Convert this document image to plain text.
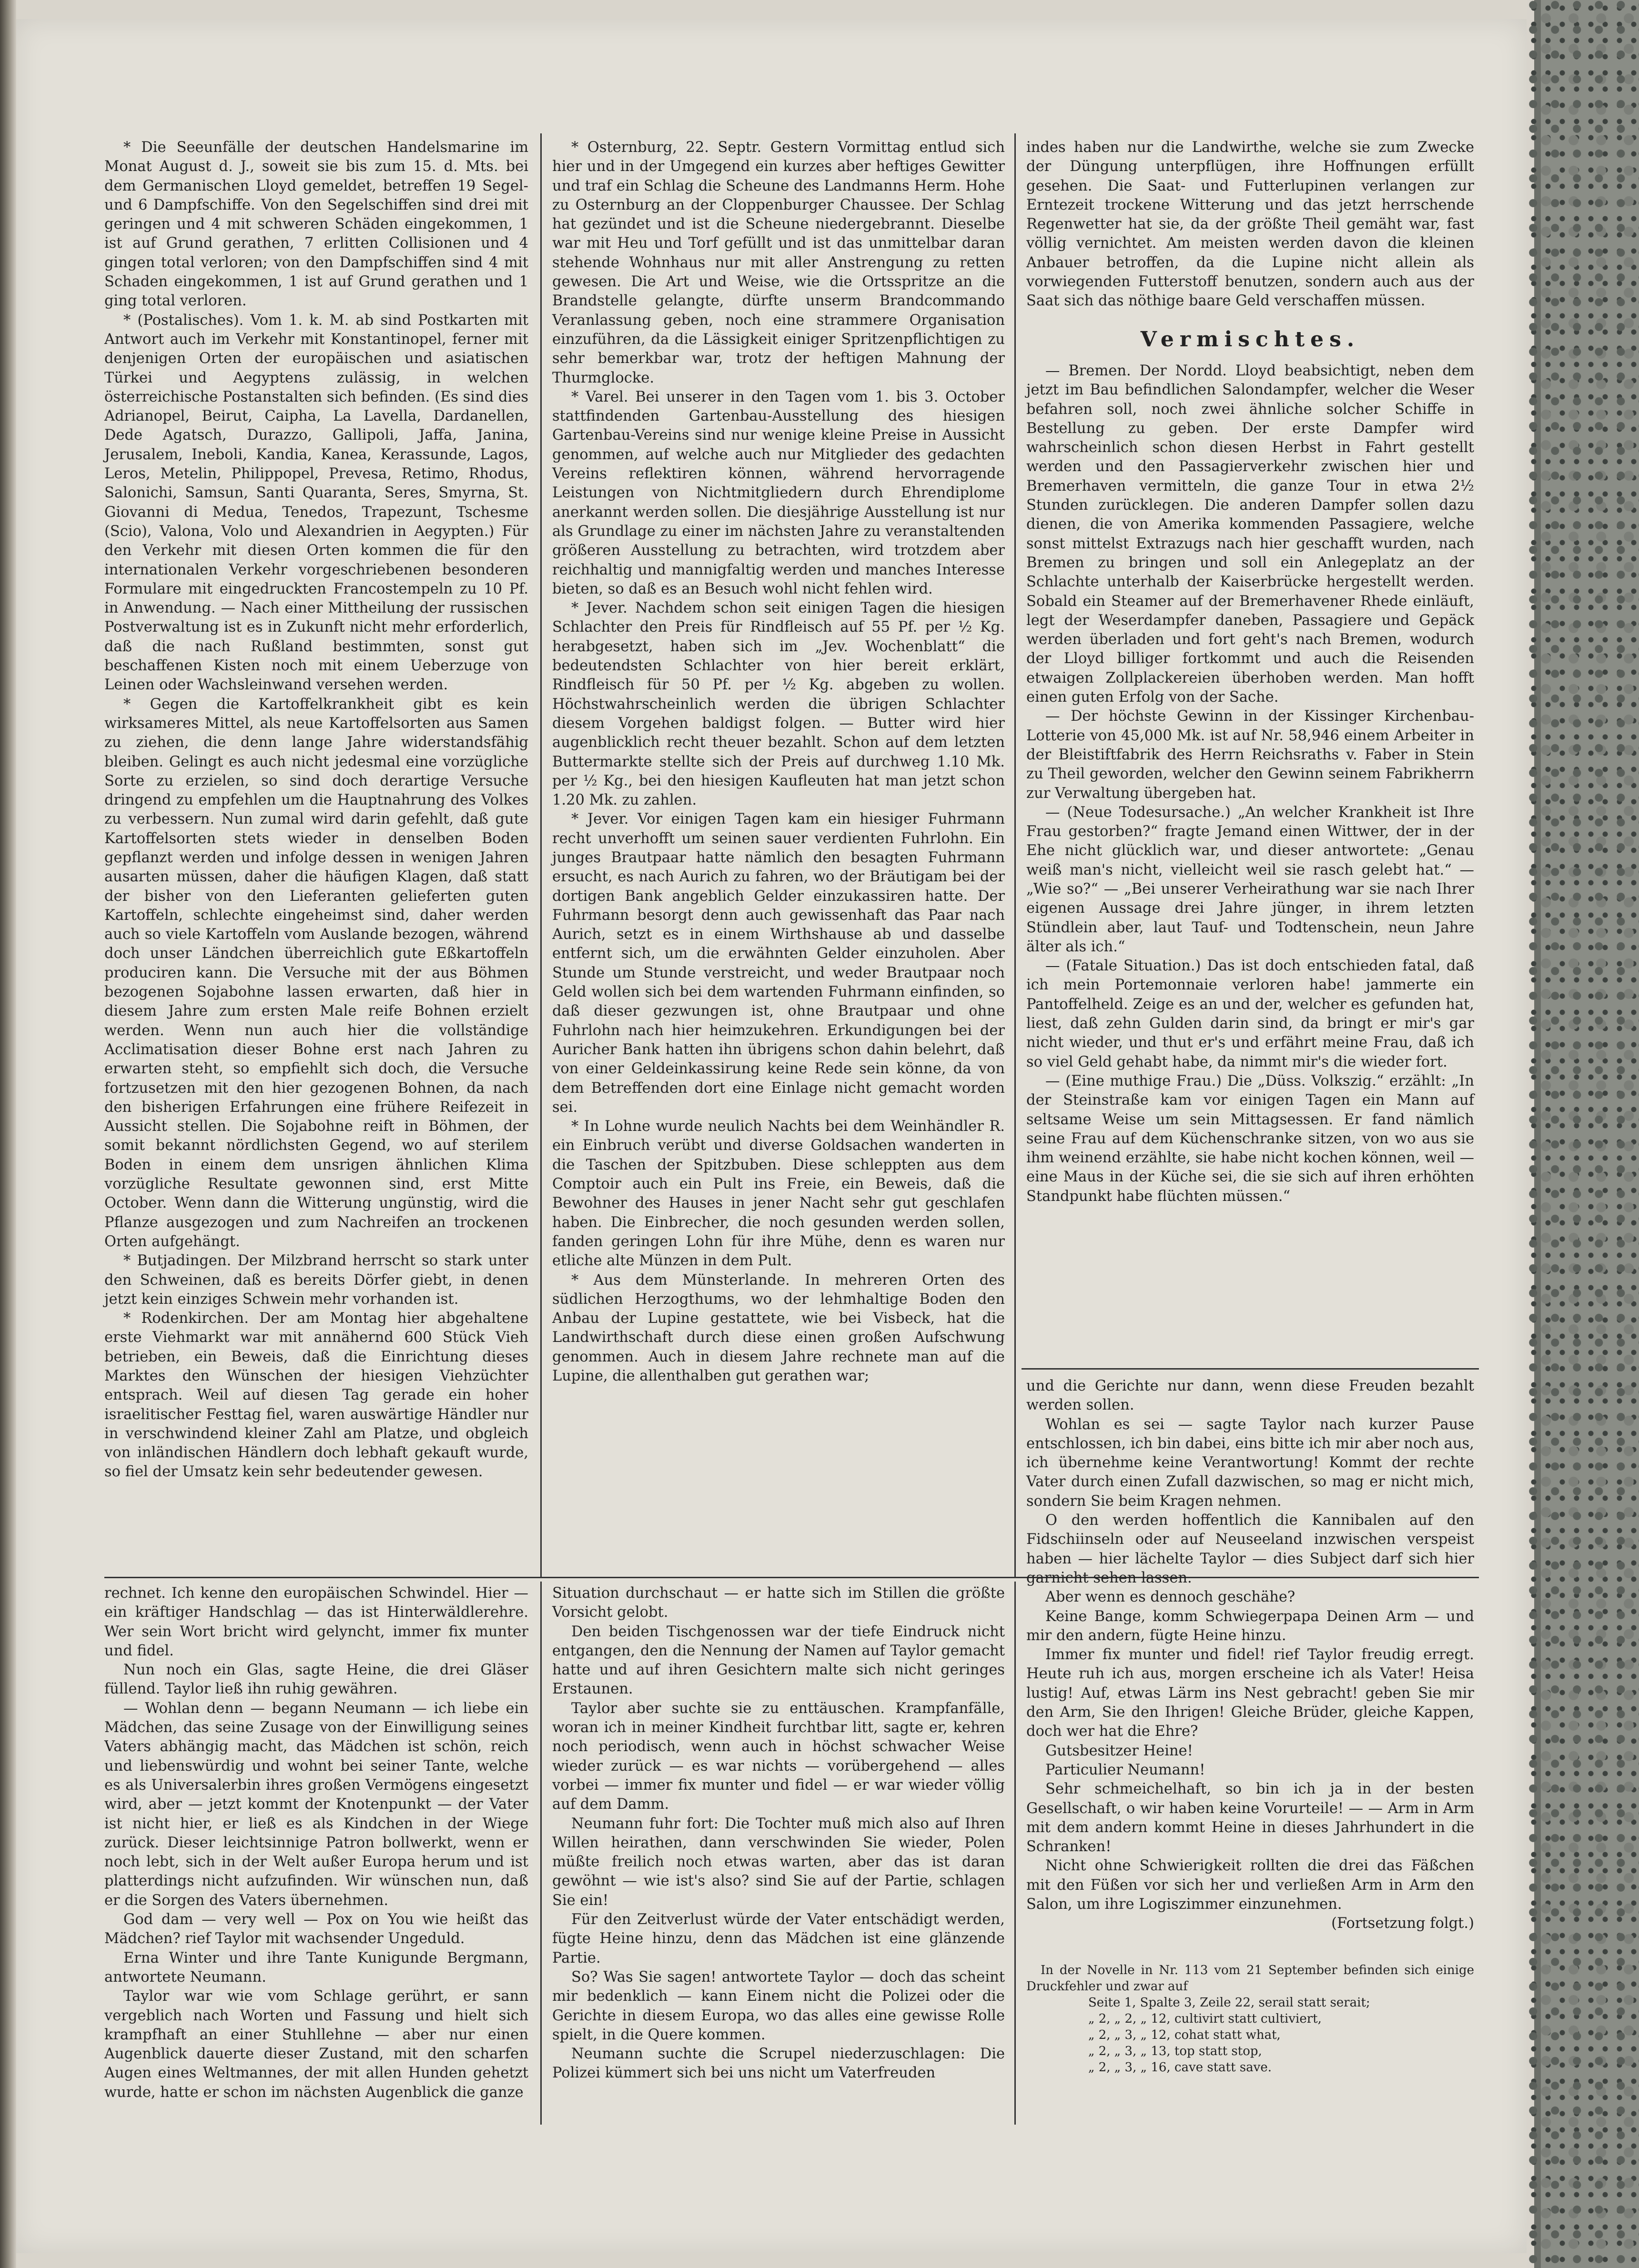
* Die Seeunfälle der deutschen Handelsmarine im Monat August d. J., soweit sie bis zum 15. d. Mts. bei dem Germanischen Lloyd gemeldet, betreffen 19 Segel- und 6 Dampfschiffe. Von den Segelschiffen sind drei mit geringen und 4 mit schweren Schäden eingekommen, 1 ist auf Grund gerathen, 7 erlitten Collisionen und 4 gingen total verloren; von den Dampfschiffen sind 4 mit Schaden eingekommen, 1 ist auf Grund gerathen und 1 ging total verloren.

* (Postalisches). Vom 1. k. M. ab sind Postkarten mit Antwort auch im Verkehr mit Konstantinopel, ferner mit denjenigen Orten der europäischen und asiatischen Türkei und Aegyptens zulässig, in welchen österreichische Postanstalten sich befinden. (Es sind dies Adrianopel, Beirut, Caipha, La Lavella, Dardanellen, Dede Agatsch, Durazzo, Gallipoli, Jaffa, Janina, Jerusalem, Ineboli, Kandia, Kanea, Kerassunde, Lagos, Leros, Metelin, Philippopel, Prevesa, Retimo, Rhodus, Salonichi, Samsun, Santi Quaranta, Seres, Smyrna, St. Giovanni di Medua, Tenedos, Trapezunt, Tschesme (Scio), Valona, Volo und Alexandrien in Aegypten.) Für den Verkehr mit diesen Orten kommen die für den internationalen Verkehr vorgeschriebenen besonderen Formulare mit eingedruckten Francostempeln zu 10 Pf. in Anwendung. — Nach einer Mittheilung der russischen Postverwaltung ist es in Zukunft nicht mehr erforderlich, daß die nach Rußland bestimmten, sonst gut beschaffenen Kisten noch mit einem Ueberzuge von Leinen oder Wachsleinwand versehen werden.

* Gegen die Kartoffelkrankheit gibt es kein wirksameres Mittel, als neue Kartoffelsorten aus Samen zu ziehen, die denn lange Jahre widerstandsfähig bleiben. Gelingt es auch nicht jedesmal eine vorzügliche Sorte zu erzielen, so sind doch derartige Versuche dringend zu empfehlen um die Hauptnahrung des Volkes zu verbessern. Nun zumal wird darin gefehlt, daß gute Kartoffelsorten stets wieder in denselben Boden gepflanzt werden und infolge dessen in wenigen Jahren ausarten müssen, daher die häufigen Klagen, daß statt der bisher von den Lieferanten gelieferten guten Kartoffeln, schlechte eingeheimst sind, daher werden auch so viele Kartoffeln vom Auslande bezogen, während doch unser Ländchen überreichlich gute Eßkartoffeln produciren kann. Die Versuche mit der aus Böhmen bezogenen Sojabohne lassen erwarten, daß hier in diesem Jahre zum ersten Male reife Bohnen erzielt werden. Wenn nun auch hier die vollständige Acclimatisation dieser Bohne erst nach Jahren zu erwarten steht, so empfiehlt sich doch, die Versuche fortzusetzen mit den hier gezogenen Bohnen, da nach den bisherigen Erfahrungen eine frühere Reifezeit in Aussicht stellen. Die Sojabohne reift in Böhmen, der somit bekannt nördlichsten Gegend, wo auf sterilem Boden in einem dem unsrigen ähnlichen Klima vorzügliche Resultate gewonnen sind, erst Mitte October. Wenn dann die Witterung ungünstig, wird die Pflanze ausgezogen und zum Nachreifen an trockenen Orten aufgehängt.

* Butjadingen. Der Milzbrand herrscht so stark unter den Schweinen, daß es bereits Dörfer giebt, in denen jetzt kein einziges Schwein mehr vorhanden ist.

* Rodenkirchen. Der am Montag hier abgehaltene erste Viehmarkt war mit annähernd 600 Stück Vieh betrieben, ein Beweis, daß die Einrichtung dieses Marktes den Wünschen der hiesigen Viehzüchter entsprach. Weil auf diesen Tag gerade ein hoher israelitischer Festtag fiel, waren auswärtige Händler nur in verschwindend kleiner Zahl am Platze, und obgleich von inländischen Händlern doch lebhaft gekauft wurde, so fiel der Umsatz kein sehr bedeutender gewesen.

* Osternburg, 22. Septr. Gestern Vormittag entlud sich hier und in der Umgegend ein kurzes aber heftiges Gewitter und traf ein Schlag die Scheune des Landmanns Herm. Hohe zu Osternburg an der Cloppenburger Chaussee. Der Schlag hat gezündet und ist die Scheune niedergebrannt. Dieselbe war mit Heu und Torf gefüllt und ist das unmittelbar daran stehende Wohnhaus nur mit aller Anstrengung zu retten gewesen. Die Art und Weise, wie die Ortsspritze an die Brandstelle gelangte, dürfte unserm Brandcommando Veranlassung geben, noch eine strammere Organisation einzuführen, da die Lässigkeit einiger Spritzenpflichtigen zu sehr bemerkbar war, trotz der heftigen Mahnung der Thurmglocke.

* Varel. Bei unserer in den Tagen vom 1. bis 3. October stattfindenden Gartenbau-Ausstellung des hiesigen Gartenbau-Vereins sind nur wenige kleine Preise in Aussicht genommen, auf welche auch nur Mitglieder des gedachten Vereins reflektiren können, während hervorragende Leistungen von Nichtmitgliedern durch Ehrendiplome anerkannt werden sollen. Die diesjährige Ausstellung ist nur als Grundlage zu einer im nächsten Jahre zu veranstaltenden größeren Ausstellung zu betrachten, wird trotzdem aber reichhaltig und mannigfaltig werden und manches Interesse bieten, so daß es an Besuch wohl nicht fehlen wird.

* Jever. Nachdem schon seit einigen Tagen die hiesigen Schlachter den Preis für Rindfleisch auf 55 Pf. per ½ Kg. herabgesetzt, haben sich im „Jev. Wochenblatt“ die bedeutendsten Schlachter von hier bereit erklärt, Rindfleisch für 50 Pf. per ½ Kg. abgeben zu wollen. Höchstwahrscheinlich werden die übrigen Schlachter diesem Vorgehen baldigst folgen. — Butter wird hier augenblicklich recht theuer bezahlt. Schon auf dem letzten Buttermarkte stellte sich der Preis auf durchweg 1.10 Mk. per ½ Kg., bei den hiesigen Kaufleuten hat man jetzt schon 1.20 Mk. zu zahlen.

* Jever. Vor einigen Tagen kam ein hiesiger Fuhrmann recht unverhofft um seinen sauer verdienten Fuhrlohn. Ein junges Brautpaar hatte nämlich den besagten Fuhrmann ersucht, es nach Aurich zu fahren, wo der Bräutigam bei der dortigen Bank angeblich Gelder einzukassiren hatte. Der Fuhrmann besorgt denn auch gewissenhaft das Paar nach Aurich, setzt es in einem Wirthshause ab und dasselbe entfernt sich, um die erwähnten Gelder einzuholen. Aber Stunde um Stunde verstreicht, und weder Brautpaar noch Geld wollen sich bei dem wartenden Fuhrmann einfinden, so daß dieser gezwungen ist, ohne Brautpaar und ohne Fuhrlohn nach hier heimzukehren. Erkundigungen bei der Auricher Bank hatten ihn übrigens schon dahin belehrt, daß von einer Geldeinkassirung keine Rede sein könne, da von dem Betreffenden dort eine Einlage nicht gemacht worden sei.

* In Lohne wurde neulich Nachts bei dem Weinhändler R. ein Einbruch verübt und diverse Goldsachen wanderten in die Taschen der Spitzbuben. Diese schleppten aus dem Comptoir auch ein Pult ins Freie, ein Beweis, daß die Bewohner des Hauses in jener Nacht sehr gut geschlafen haben. Die Einbrecher, die noch gesunden werden sollen, fanden geringen Lohn für ihre Mühe, denn es waren nur etliche alte Münzen in dem Pult.

* Aus dem Münsterlande. In mehreren Orten des südlichen Herzogthums, wo der lehmhaltige Boden den Anbau der Lupine gestattete, wie bei Visbeck, hat die Landwirthschaft durch diese einen großen Aufschwung genommen. Auch in diesem Jahre rechnete man auf die Lupine, die allenthalben gut gerathen war;

indes haben nur die Landwirthe, welche sie zum Zwecke der Düngung unterpflügen, ihre Hoffnungen erfüllt gesehen. Die Saat- und Futterlupinen verlangen zur Erntezeit trockene Witterung und das jetzt herrschende Regenwetter hat sie, da der größte Theil gemäht war, fast völlig vernichtet. Am meisten werden davon die kleinen Anbauer betroffen, da die Lupine nicht allein als vorwiegenden Futterstoff benutzen, sondern auch aus der Saat sich das nöthige baare Geld verschaffen müssen.

Vermischtes.

— Bremen. Der Nordd. Lloyd beabsichtigt, neben dem jetzt im Bau befindlichen Salondampfer, welcher die Weser befahren soll, noch zwei ähnliche solcher Schiffe in Bestellung zu geben. Der erste Dampfer wird wahrscheinlich schon diesen Herbst in Fahrt gestellt werden und den Passagierverkehr zwischen hier und Bremerhaven vermitteln, die ganze Tour in etwa 2½ Stunden zurücklegen. Die anderen Dampfer sollen dazu dienen, die von Amerika kommenden Passagiere, welche sonst mittelst Extrazugs nach hier geschafft wurden, nach Bremen zu bringen und soll ein Anlegeplatz an der Schlachte unterhalb der Kaiserbrücke hergestellt werden. Sobald ein Steamer auf der Bremerhavener Rhede einläuft, legt der Weserdampfer daneben, Passagiere und Gepäck werden überladen und fort geht's nach Bremen, wodurch der Lloyd billiger fortkommt und auch die Reisenden etwaigen Zollplackereien überhoben werden. Man hofft einen guten Erfolg von der Sache.

— Der höchste Gewinn in der Kissinger Kirchenbau-Lotterie von 45,000 Mk. ist auf Nr. 58,946 einem Arbeiter in der Bleistiftfabrik des Herrn Reichsraths v. Faber in Stein zu Theil geworden, welcher den Gewinn seinem Fabrikherrn zur Verwaltung übergeben hat.

— (Neue Todesursache.) „An welcher Krankheit ist Ihre Frau gestorben?“ fragte Jemand einen Wittwer, der in der Ehe nicht glücklich war, und dieser antwortete: „Genau weiß man's nicht, vielleicht weil sie rasch gelebt hat.“ — „Wie so?“ — „Bei unserer Verheirathung war sie nach Ihrer eigenen Aussage drei Jahre jünger, in ihrem letzten Stündlein aber, laut Tauf- und Todtenschein, neun Jahre älter als ich.“

— (Fatale Situation.) Das ist doch entschieden fatal, daß ich mein Portemonnaie verloren habe! jammerte ein Pantoffelheld. Zeige es an und der, welcher es gefunden hat, liest, daß zehn Gulden darin sind, da bringt er mir's gar nicht wieder, und thut er's und erfährt meine Frau, daß ich so viel Geld gehabt habe, da nimmt mir's die wieder fort.

— (Eine muthige Frau.) Die „Düss. Volkszig.“ erzählt: „In der Steinstraße kam vor einigen Tagen ein Mann auf seltsame Weise um sein Mittagsessen. Er fand nämlich seine Frau auf dem Küchenschranke sitzen, von wo aus sie ihm weinend erzählte, sie habe nicht kochen können, weil — eine Maus in der Küche sei, die sie sich auf ihren erhöhten Standpunkt habe flüchten müssen.“

rechnet. Ich kenne den europäischen Schwindel. Hier — ein kräftiger Handschlag — das ist Hinterwäldlerehre. Wer sein Wort bricht wird gelyncht, immer fix munter und fidel.

Nun noch ein Glas, sagte Heine, die drei Gläser füllend. Taylor ließ ihn ruhig gewähren.

— Wohlan denn — begann Neumann — ich liebe ein Mädchen, das seine Zusage von der Einwilligung seines Vaters abhängig macht, das Mädchen ist schön, reich und liebenswürdig und wohnt bei seiner Tante, welche es als Universalerbin ihres großen Vermögens eingesetzt wird, aber — jetzt kommt der Knotenpunkt — der Vater ist nicht hier, er ließ es als Kindchen in der Wiege zurück. Dieser leichtsinnige Patron bollwerkt, wenn er noch lebt, sich in der Welt außer Europa herum und ist platterdings nicht aufzufinden. Wir wünschen nun, daß er die Sorgen des Vaters übernehmen.

God dam — very well — Pox on You wie heißt das Mädchen? rief Taylor mit wachsender Ungeduld.

Erna Winter und ihre Tante Kunigunde Bergmann, antwortete Neumann.

Taylor war wie vom Schlage gerührt, er sann vergeblich nach Worten und Fassung und hielt sich krampfhaft an einer Stuhllehne — aber nur einen Augenblick dauerte dieser Zustand, mit den scharfen Augen eines Weltmannes, der mit allen Hunden gehetzt wurde, hatte er schon im nächsten Augenblick die ganze

Situation durchschaut — er hatte sich im Stillen die größte Vorsicht gelobt.

Den beiden Tischgenossen war der tiefe Eindruck nicht entgangen, den die Nennung der Namen auf Taylor gemacht hatte und auf ihren Gesichtern malte sich nicht geringes Erstaunen.

Taylor aber suchte sie zu enttäuschen. Krampfanfälle, woran ich in meiner Kindheit furchtbar litt, sagte er, kehren noch periodisch, wenn auch in höchst schwacher Weise wieder zurück — es war nichts — vorübergehend — alles vorbei — immer fix munter und fidel — er war wieder völlig auf dem Damm.

Neumann fuhr fort: Die Tochter muß mich also auf Ihren Willen heirathen, dann verschwinden Sie wieder, Polen müßte freilich noch etwas warten, aber das ist daran gewöhnt — wie ist's also? sind Sie auf der Partie, schlagen Sie ein!

Für den Zeitverlust würde der Vater entschädigt werden, fügte Heine hinzu, denn das Mädchen ist eine glänzende Partie.

So? Was Sie sagen! antwortete Taylor — doch das scheint mir bedenklich — kann Einem nicht die Polizei oder die Gerichte in diesem Europa, wo das alles eine gewisse Rolle spielt, in die Quere kommen.

Neumann suchte die Scrupel niederzuschlagen: Die Polizei kümmert sich bei uns nicht um Vaterfreuden

und die Gerichte nur dann, wenn diese Freuden bezahlt werden sollen.

Wohlan es sei — sagte Taylor nach kurzer Pause entschlossen, ich bin dabei, eins bitte ich mir aber noch aus, ich übernehme keine Verantwortung! Kommt der rechte Vater durch einen Zufall dazwischen, so mag er nicht mich, sondern Sie beim Kragen nehmen.

O den werden hoffentlich die Kannibalen auf den Fidschiinseln oder auf Neuseeland inzwischen verspeist haben — hier lächelte Taylor — dies Subject darf sich hier garnicht sehen lassen.

Aber wenn es dennoch geschähe?

Keine Bange, komm Schwiegerpapa Deinen Arm — und mir den andern, fügte Heine hinzu.

Immer fix munter und fidel! rief Taylor freudig erregt. Heute ruh ich aus, morgen erscheine ich als Vater! Heisa lustig! Auf, etwas Lärm ins Nest gebracht! geben Sie mir den Arm, Sie den Ihrigen! Gleiche Brüder, gleiche Kappen, doch wer hat die Ehre?

Gutsbesitzer Heine!

Particulier Neumann!

Sehr schmeichelhaft, so bin ich ja in der besten Gesellschaft, o wir haben keine Vorurteile! — — Arm in Arm mit dem andern kommt Heine in dieses Jahrhundert in die Schranken!

Nicht ohne Schwierigkeit rollten die drei das Fäßchen mit den Füßen vor sich her und verließen Arm in Arm den Salon, um ihre Logiszimmer einzunehmen.

(Fortsetzung folgt.)

In der Novelle in Nr. 113 vom 21 September befinden sich einige Druckfehler und zwar auf

Seite 1, Spalte 3, Zeile 22, serail statt serait;
„ 2, „ 2, „ 12, cultivirt statt cultiviert,
„ 2, „ 3, „ 12, cohat statt what,
„ 2, „ 3, „ 13, top statt stop,
„ 2, „ 3, „ 16, cave statt save.
